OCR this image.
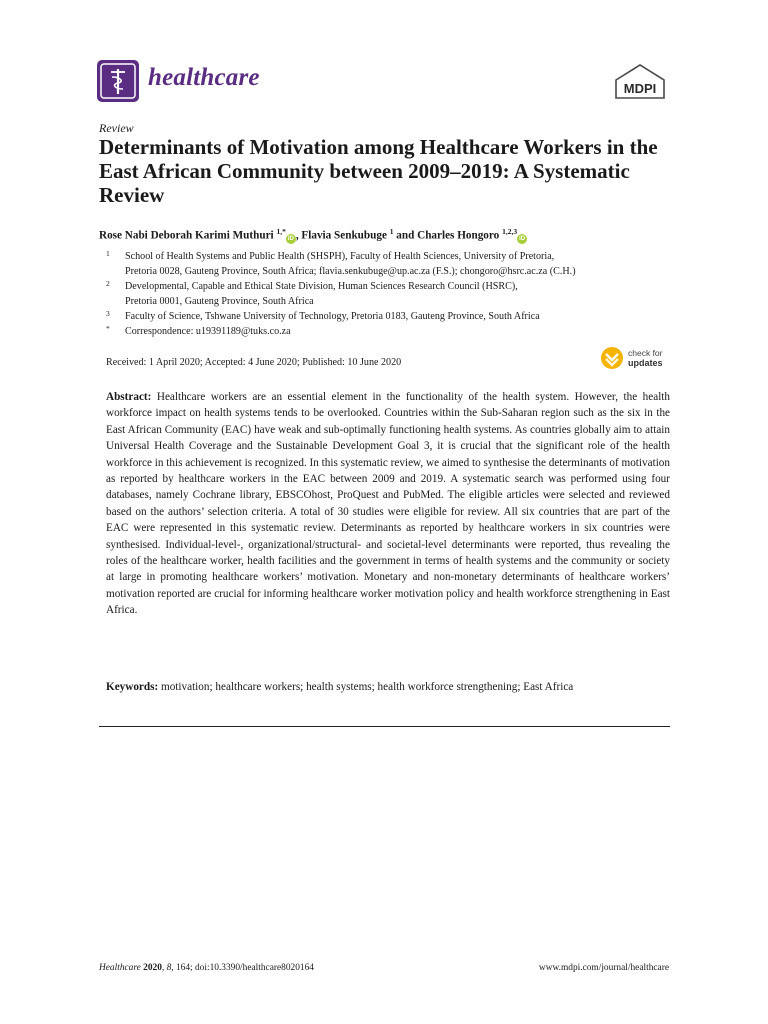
healthcare	MDPI
Review
Determinants of Motivation among Healthcare Workers in the East African Community between 2009–2019: A Systematic Review
Rose Nabi Deborah Karimi Muthuri $^{1,*}$iD , Flavia Senkubuge $^1$ and Charles Hongoro $^{1,2,3}$iD
1 School of Health Systems and Public Health (SHSPH), Faculty of Health Sciences, University of Pretoria,
Pretoria 0028, Gauteng Province, South Africa; flavia.senkubuge@up.ac.za (F.S.); chongoro@hsrc.ac.za (C.H.)
2 Developmental, Capable and Ethical State Division, Human Sciences Research Council (HSRC),
Pretoria 0001, Gauteng Province, South Africa
3 Faculty of Science, Tshwane University of Technology, Pretoria 0183, Gauteng Province, South Africa
* Correspondence: u19391189@tuks.co.za
Received: 1 April 2020; Accepted: 4 June 2020; Published: 10 June 2020
check for
updates

Abstract: Healthcare workers are an essential element in the functionality of the health system. However, the health workforce impact on health systems tends to be overlooked. Countries within the Sub-Saharan region such as the six in the East African Community (EAC) have weak and sub-optimally functioning health systems. As countries globally aim to attain Universal Health Coverage and the Sustainable Development Goal 3, it is crucial that the significant role of the health workforce in this achievement is recognized. In this systematic review, we aimed to synthesise the determinants of motivation as reported by healthcare workers in the EAC between 2009 and 2019. A systematic search was performed using four databases, namely Cochrane library, EBSCOhost, ProQuest and PubMed. The eligible articles were selected and reviewed based on the authors’ selection criteria. A total of 30 studies were eligible for review. All six countries that are part of the EAC were represented in this systematic review. Determinants as reported by healthcare workers in six countries were synthesised. Individual-level-, organizational/structural- and societal-level determinants were reported, thus revealing the roles of the healthcare worker, health facilities and the government in terms of health systems and the community or society at large in promoting healthcare workers’ motivation. Monetary and non-monetary determinants of healthcare workers’ motivation reported are crucial for informing healthcare worker motivation policy and health workforce strengthening in East Africa.

Keywords: motivation; healthcare workers; health systems; health workforce strengthening; East Africa

Healthcare 2020, 8, 164; doi:10.3390/healthcare8020164	www.mdpi.com/journal/healthcare
